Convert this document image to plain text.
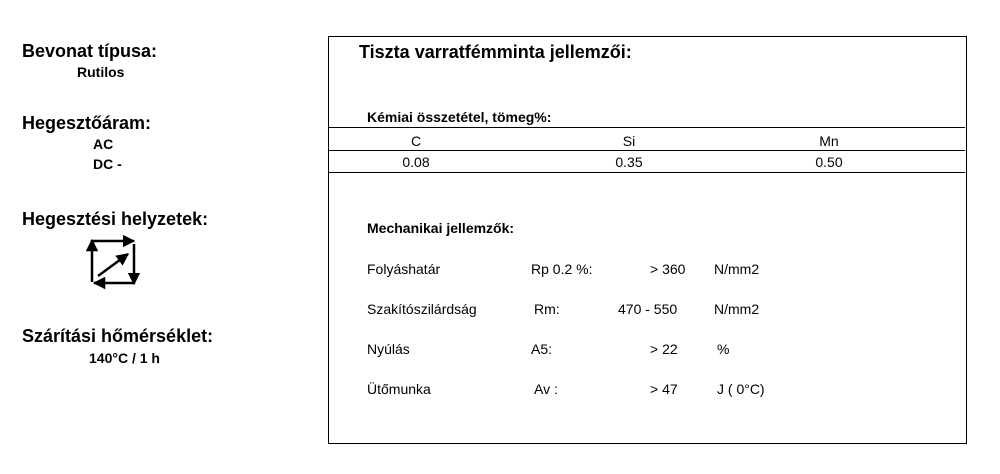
Bevonat típusa:
Rutilos
Hegesztőáram:
AC
DC -
Hegesztési helyzetek:
Szárítási hőmérséklet:
140°C / 1 h
Tiszta varratfémminta jellemzői:
Kémiai összetétel, tömeg%:
C	Si	Mn
0.08	0.35	0.50
Mechanikai jellemzők:
Folyáshatár	Rp 0.2 %:	> 360 N/mm2
Szakítószilárdság	Rm:	470 - 550	N/mm2
Nyúlás	A5:	> 22	%
Ütőmunka	Av :	> 47	J ( 0°C)
